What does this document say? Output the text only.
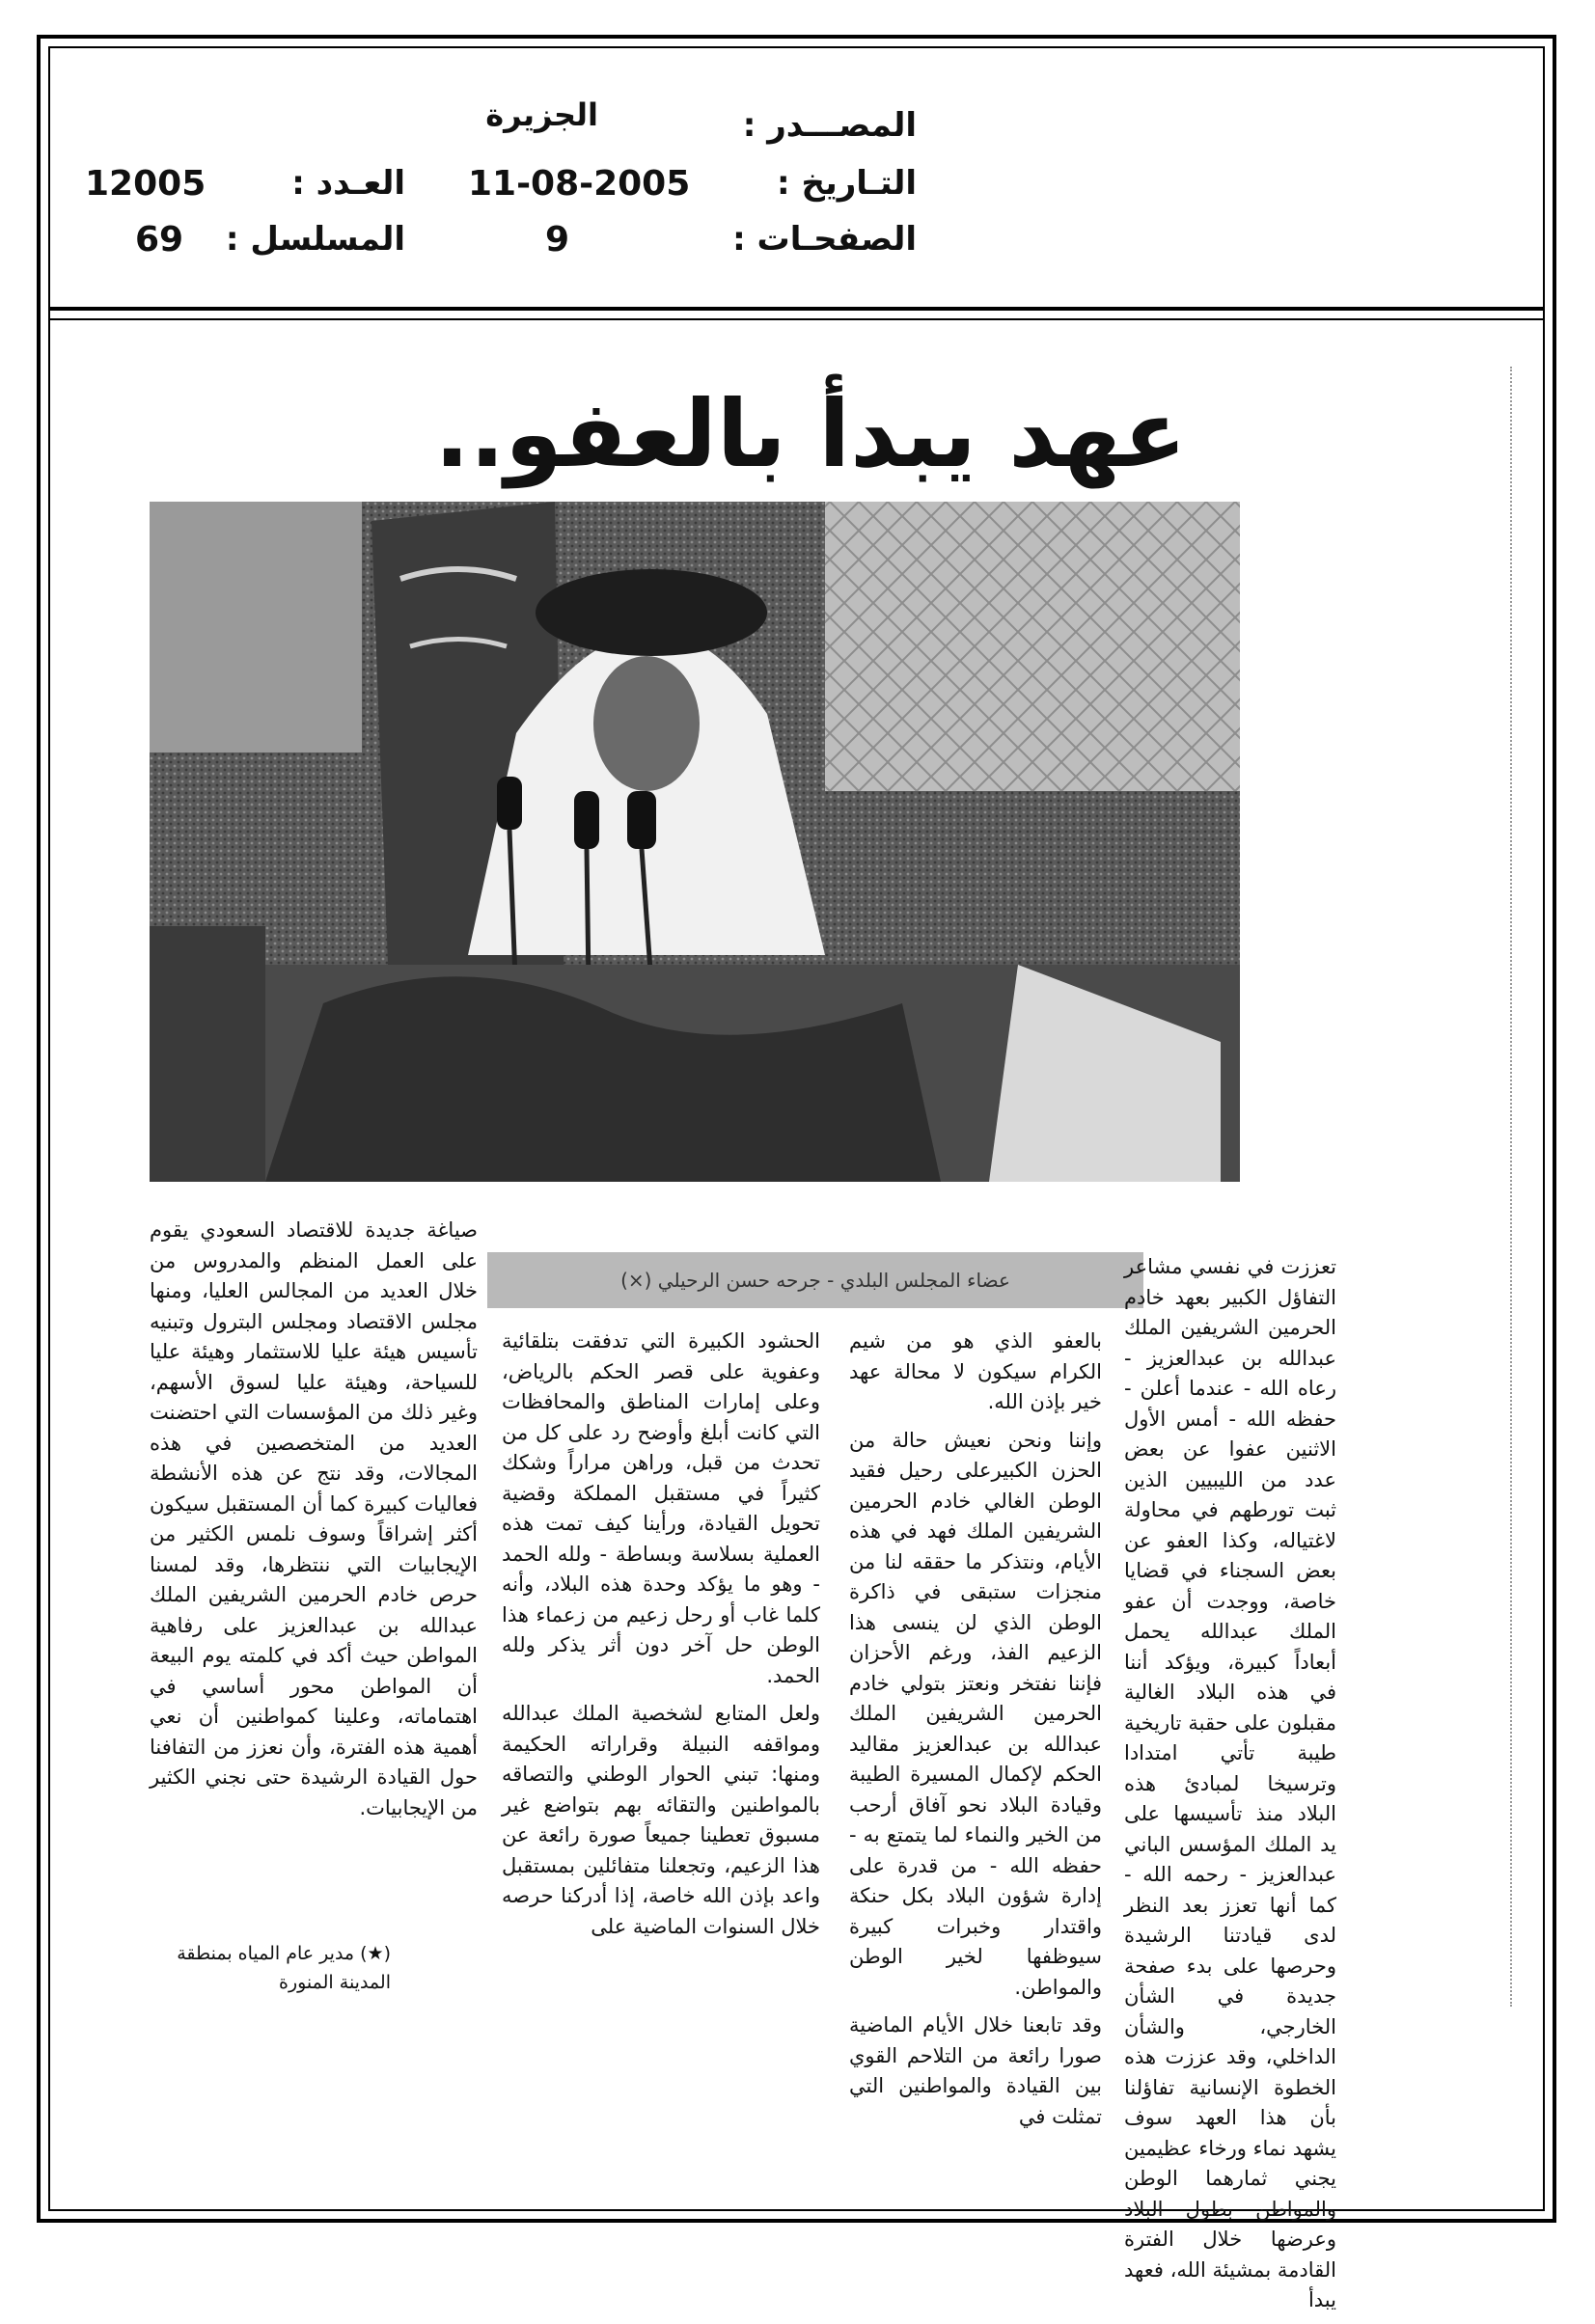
المصـــدر :
الجزيرة
التـاريخ :
11-08-2005
العـدد :
12005
الصفحـات :
9
المسلسل :
69
عهد يبدأ بالعفو..
عضاء المجلس البلدي - جرحه حسن الرحيلي (×)

تعززت في نفسي مشاعر التفاؤل الكبير بعهد خادم الحرمين الشريفين الملك عبدالله بن عبدالعزيز - رعاه الله - عندما أعلن - حفظه الله - أمس الأول الاثنين عفوا عن بعض عدد من الليبيين الذين ثبت تورطهم في محاولة لاغتياله، وكذا العفو عن بعض السجناء في قضايا خاصة، ووجدت أن عفو الملك عبدالله يحمل أبعاداً كبيرة، ويؤكد أننا في هذه البلاد الغالية مقبلون على حقبة تاريخية طيبة تأتي امتدادا وترسيخا لمبادئ هذه البلاد منذ تأسيسها على يد الملك المؤسس الباني عبدالعزيز - رحمه الله - كما أنها تعزز بعد النظر لدى قيادتنا الرشيدة وحرصها على بدء صفحة جديدة في الشأن الخارجي، والشأن الداخلي، وقد عززت هذه الخطوة الإنسانية تفاؤلنا بأن هذا العهد سوف يشهد نماء ورخاء عظيمين يجني ثمارهما الوطن والمواطن بطول البلاد وعرضها خلال الفترة القادمة بمشيئة الله، فعهد يبدأ

بالعفو الذي هو من شيم الكرام سيكون لا محالة عهد خير بإذن الله.

وإننا ونحن نعيش حالة من الحزن الكبيرعلى رحيل فقيد الوطن الغالي خادم الحرمين الشريفين الملك فهد في هذه الأيام، ونتذكر ما حققه لنا من منجزات ستبقى في ذاكرة الوطن الذي لن ينسى هذا الزعيم الفذ، ورغم الأحزان فإننا نفتخر ونعتز بتولي خادم الحرمين الشريفين الملك عبدالله بن عبدالعزيز مقاليد الحكم لإكمال المسيرة الطيبة وقيادة البلاد نحو آفاق أرحب من الخير والنماء لما يتمتع به - حفظه الله - من قدرة على إدارة شؤون البلاد بكل حنكة واقتدار وخبرات كبيرة سيوظفها لخير الوطن والمواطن.

وقد تابعنا خلال الأيام الماضية صورا رائعة من التلاحم القوي بين القيادة والمواطنين التي تمثلت في

الحشود الكبيرة التي تدفقت بتلقائية وعفوية على قصر الحكم بالرياض، وعلى إمارات المناطق والمحافظات التي كانت أبلغ وأوضح رد على كل من تحدث من قبل، وراهن مراراً وشكك كثيراً في مستقبل المملكة وقضية تحويل القيادة، ورأينا كيف تمت هذه العملية بسلاسة وبساطة - ولله الحمد - وهو ما يؤكد وحدة هذه البلاد، وأنه كلما غاب أو رحل زعيم من زعماء هذا الوطن حل آخر دون أثر يذكر ولله الحمد.

ولعل المتابع لشخصية الملك عبدالله ومواقفه النبيلة وقراراته الحكيمة ومنها: تبني الحوار الوطني والتصاقه بالمواطنين والتقائه بهم بتواضع غير مسبوق تعطينا جميعاً صورة رائعة عن هذا الزعيم، وتجعلنا متفائلين بمستقبل واعد بإذن الله خاصة، إذا أدركنا حرصه خلال السنوات الماضية على

صياغة جديدة للاقتصاد السعودي يقوم على العمل المنظم والمدروس من خلال العديد من المجالس العليا، ومنها مجلس الاقتصاد ومجلس البترول وتبنيه تأسيس هيئة عليا للاستثمار وهيئة عليا للسياحة، وهيئة عليا لسوق الأسهم، وغير ذلك من المؤسسات التي احتضنت العديد من المتخصصين في هذه المجالات، وقد نتج عن هذه الأنشطة فعاليات كبيرة كما أن المستقبل سيكون أكثر إشراقاً وسوف نلمس الكثير من الإيجابيات التي ننتظرها، وقد لمسنا حرص خادم الحرمين الشريفين الملك عبدالله بن عبدالعزيز على رفاهية المواطن حيث أكد في كلمته يوم البيعة أن المواطن محور أساسي في اهتماماته، وعلينا كمواطنين أن نعي أهمية هذه الفترة، وأن نعزز من التفافنا حول القيادة الرشيدة حتى نجني الكثير من الإيجابيات.

(★) مدير عام المياه بمنطقة المدينة المنورة
